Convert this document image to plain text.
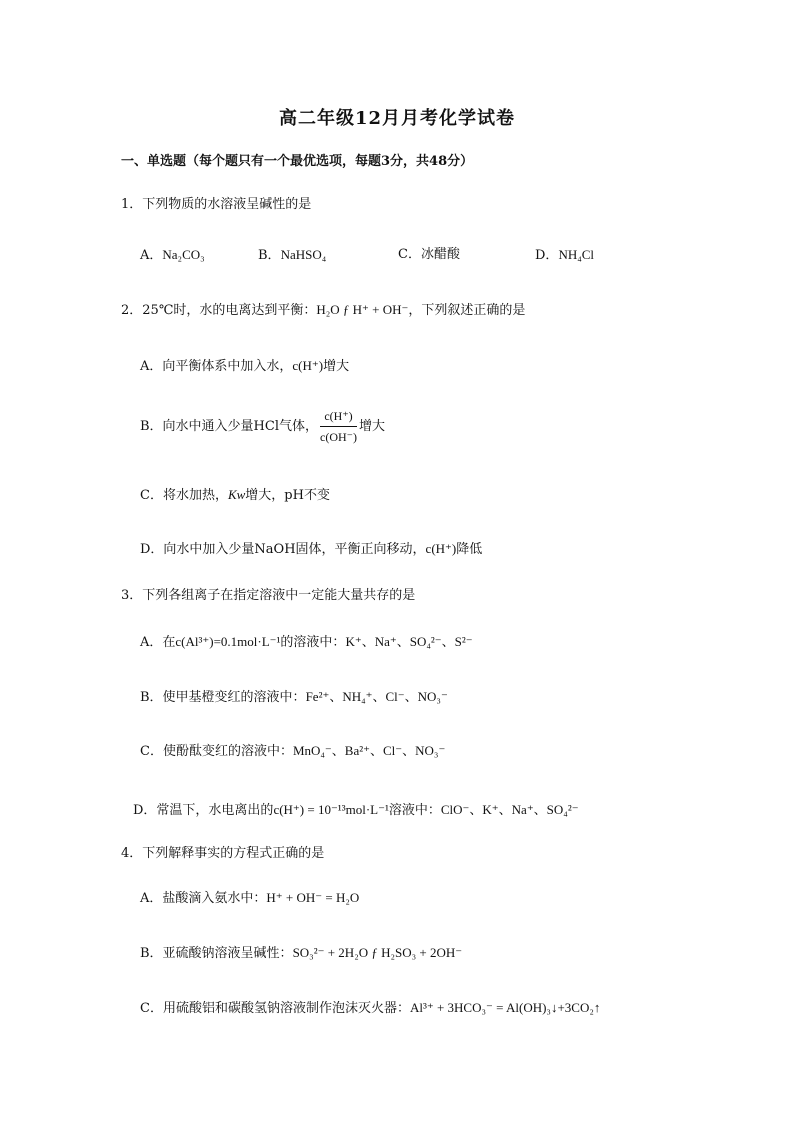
高二年级12月月考化学试卷
一、单选题（每个题只有一个最优选项，每题3分，共48分）
1．下列物质的水溶液呈碱性的是
A．Na₂CO₃	B．NaHSO₄	C．冰醋酸	D．NH₄Cl
2．25℃时，水的电离达到平衡：H₂O ƒ H⁺ + OH⁻，下列叙述正确的是
A．向平衡体系中加入水，c(H⁺)增大
B．向水中通入少量HCl气体， $\frac{c(H^+)}{c(OH^-)}$ 增大
C．将水加热，Kw增大，pH不变
D．向水中加入少量NaOH固体，平衡正向移动，c(H⁺)降低
3．下列各组离子在指定溶液中一定能大量共存的是
A．在c(Al³⁺)=0.1mol·L⁻¹的溶液中：K⁺、Na⁺、SO₄²⁻、S²⁻
B．使甲基橙变红的溶液中：Fe²⁺、NH₄⁺、Cl⁻、NO₃⁻
C．使酚酞变红的溶液中：MnO₄⁻、Ba²⁺、Cl⁻、NO₃⁻
D．常温下，水电离出的c(H⁺) = 10⁻¹³mol·L⁻¹溶液中：ClO⁻、K⁺、Na⁺、SO₄²⁻
4．下列解释事实的方程式正确的是
A．盐酸滴入氨水中：H⁺ + OH⁻ = H₂O
B．亚硫酸钠溶液呈碱性：SO₃²⁻ + 2H₂O ƒ H₂SO₃ + 2OH⁻
C．用硫酸铝和碳酸氢钠溶液制作泡沫灭火器：Al³⁺ + 3HCO₃⁻ = Al(OH)₃↓+3CO₂↑
